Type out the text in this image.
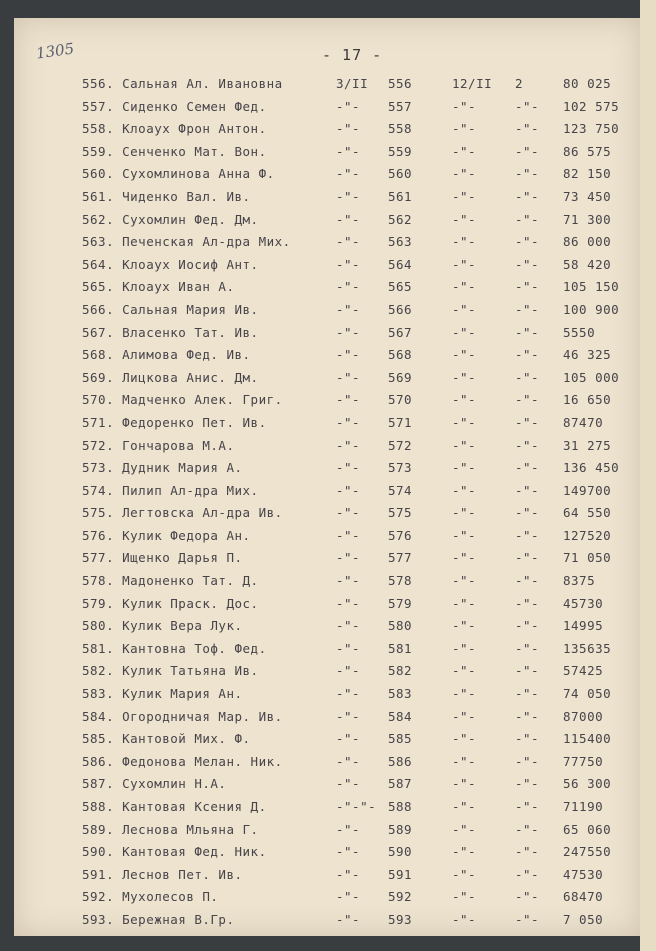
1305	- 17 -
556. Сальная Ал. Ивановна	3/II 556	12/II 2	80 025
557. Сиденко Семен Фед.	-"- 557	-"-	-"- 102 575
558. Клоаух Фрон Антон.	-"- 558	-"-	-"- 123 750
559. Сенченко Мат. Вон.	-"- 559	-"-	-"- 86 575
560. Сухомлинова Анна Ф.	-"- 560	-"-	-"- 82 150
561. Чиденко Вал. Ив.	-"- 561	-"-	-"- 73 450
562. Сухомлин Фед. Дм.	-"- 562	-"-	-"- 71 300
563. Печенская Ал-дра Мих.	-"- 563	-"-	-"- 86 000
564. Клоаух Иосиф Ант.	-"- 564	-"-	-"- 58 420
565. Клоаух Иван А.	-"- 565	-"-	-"- 105 150
566. Сальная Мария Ив.	-"- 566	-"-	-"- 100 900
567. Власенко Тат. Ив.	-"- 567	-"-	-"- 5550
568. Алимова Фед. Ив.	-"- 568	-"-	-"- 46 325
569. Лицкова Анис. Дм.	-"- 569	-"-	-"- 105 000
570. Мадченко Алек. Григ.	-"- 570	-"-	-"- 16 650
571. Федоренко Пет. Ив.	-"- 571	-"-	-"- 87470
572. Гончарова М.А.	-"- 572	-"-	-"- 31 275
573. Дудник Мария А.	-"- 573	-"-	-"- 136 450
574. Пилип Ал-дра Мих.	-"- 574	-"-	-"- 149700
575. Легтовска Ал-дра Ив.	-"- 575	-"-	-"- 64 550
576. Кулик Федора Ан.	-"- 576	-"-	-"- 127520
577. Ищенко Дарья П.	-"- 577	-"-	-"- 71 050
578. Мадоненко Тат. Д.	-"- 578	-"-	-"- 8375
579. Кулик Праск. Дос.	-"- 579	-"-	-"- 45730
580. Кулик Вера Лук.	-"- 580	-"-	-"- 14995
581. Кантовна Тоф. Фед.	-"- 581	-"-	-"- 135635
582. Кулик Татьяна Ив.	-"- 582	-"-	-"- 57425
583. Кулик Мария Ан.	-"- 583	-"-	-"- 74 050
584. Огородничая Мар. Ив.	-"- 584	-"-	-"- 87000
585. Кантовой Мих. Ф.	-"- 585	-"-	-"- 115400
586. Федонова Мелан. Ник.	-"- 586	-"-	-"- 77750
587. Сухомлин Н.А.	-"- 587	-"-	-"- 56 300
588. Кантовая Ксения Д.	-"-"- 588	-"-	-"- 71190
589. Леснова Мльяна Г.	-"- 589	-"-	-"- 65 060
590. Кантовая Фед. Ник.	-"- 590	-"-	-"- 247550
591. Леснов Пет. Ив.	-"- 591	-"-	-"- 47530
592. Мухолесов П.	-"- 592	-"-	-"- 68470
593. Бережная В.Гр.	-"- 593	-"-	-"- 7 050
